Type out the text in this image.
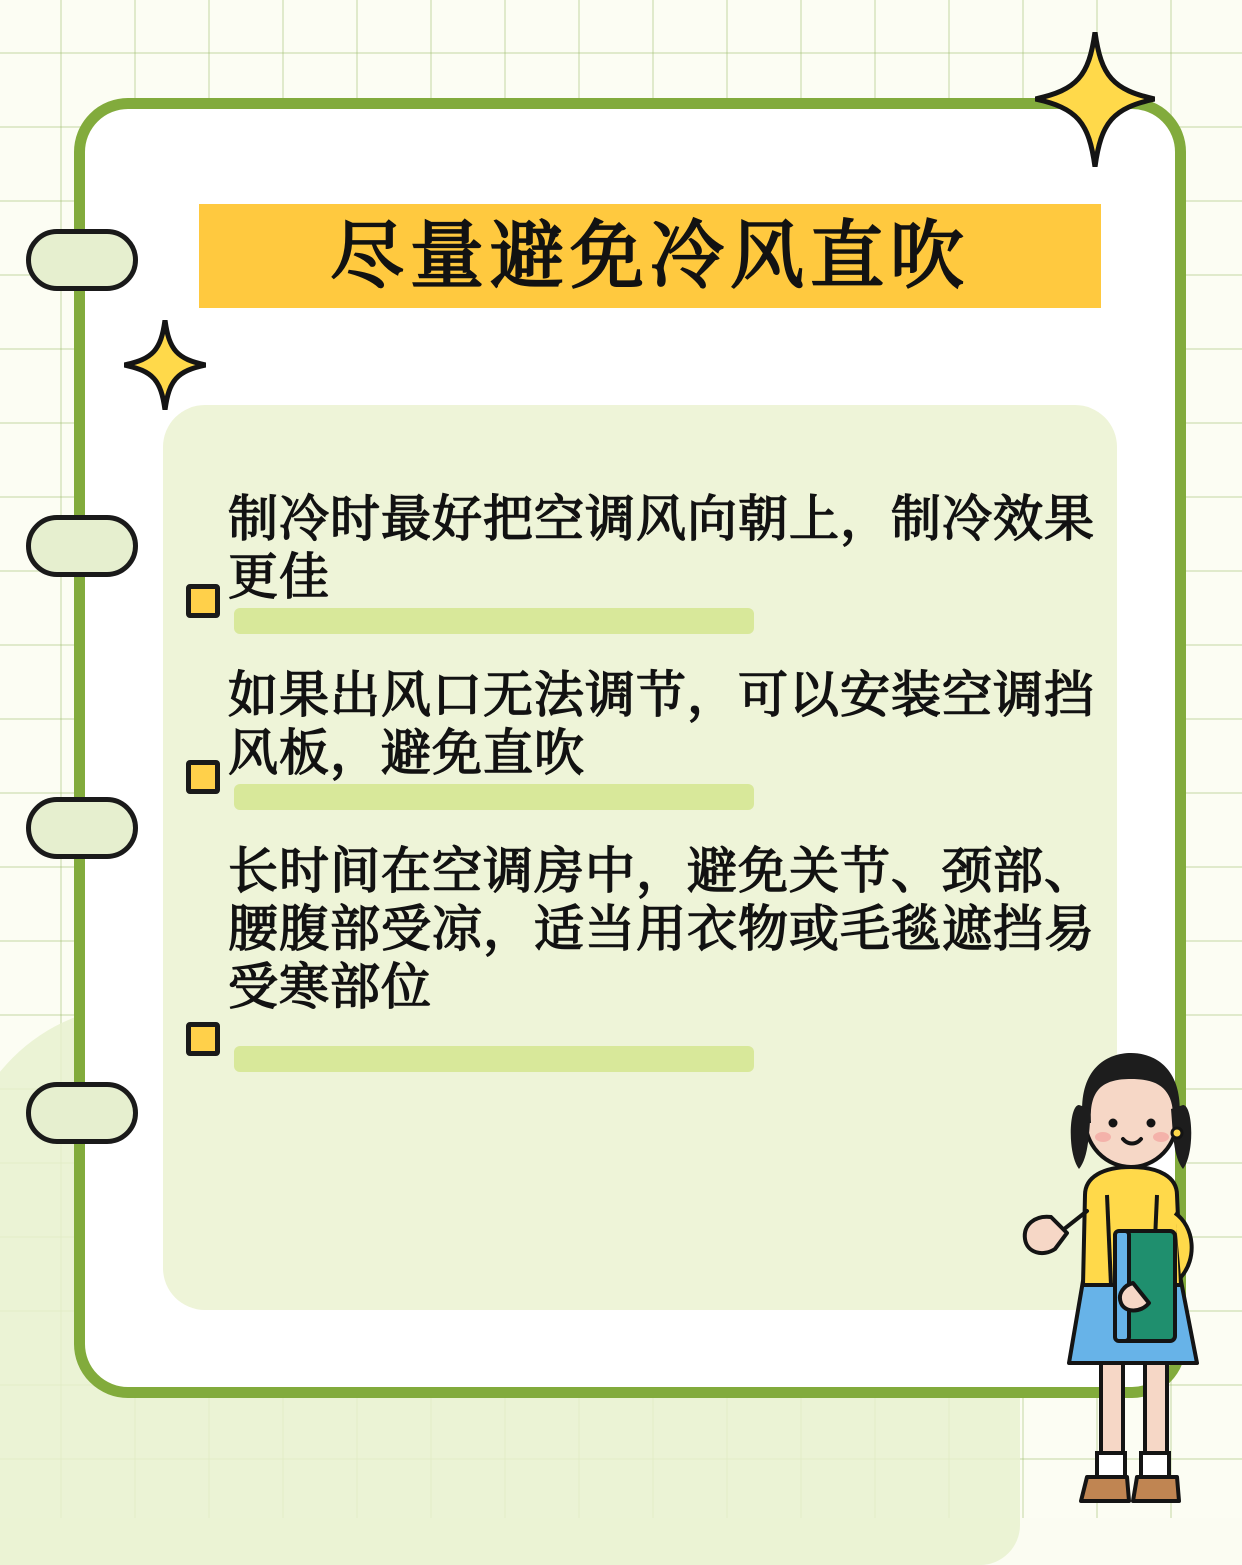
尽量避免冷风直吹
制冷时最好把空调风向朝上，制冷效果更佳
如果出风口无法调节，可以安装空调挡风板，避免直吹
长时间在空调房中，避免关节、颈部、腰腹部受凉，适当用衣物或毛毯遮挡易受寒部位
